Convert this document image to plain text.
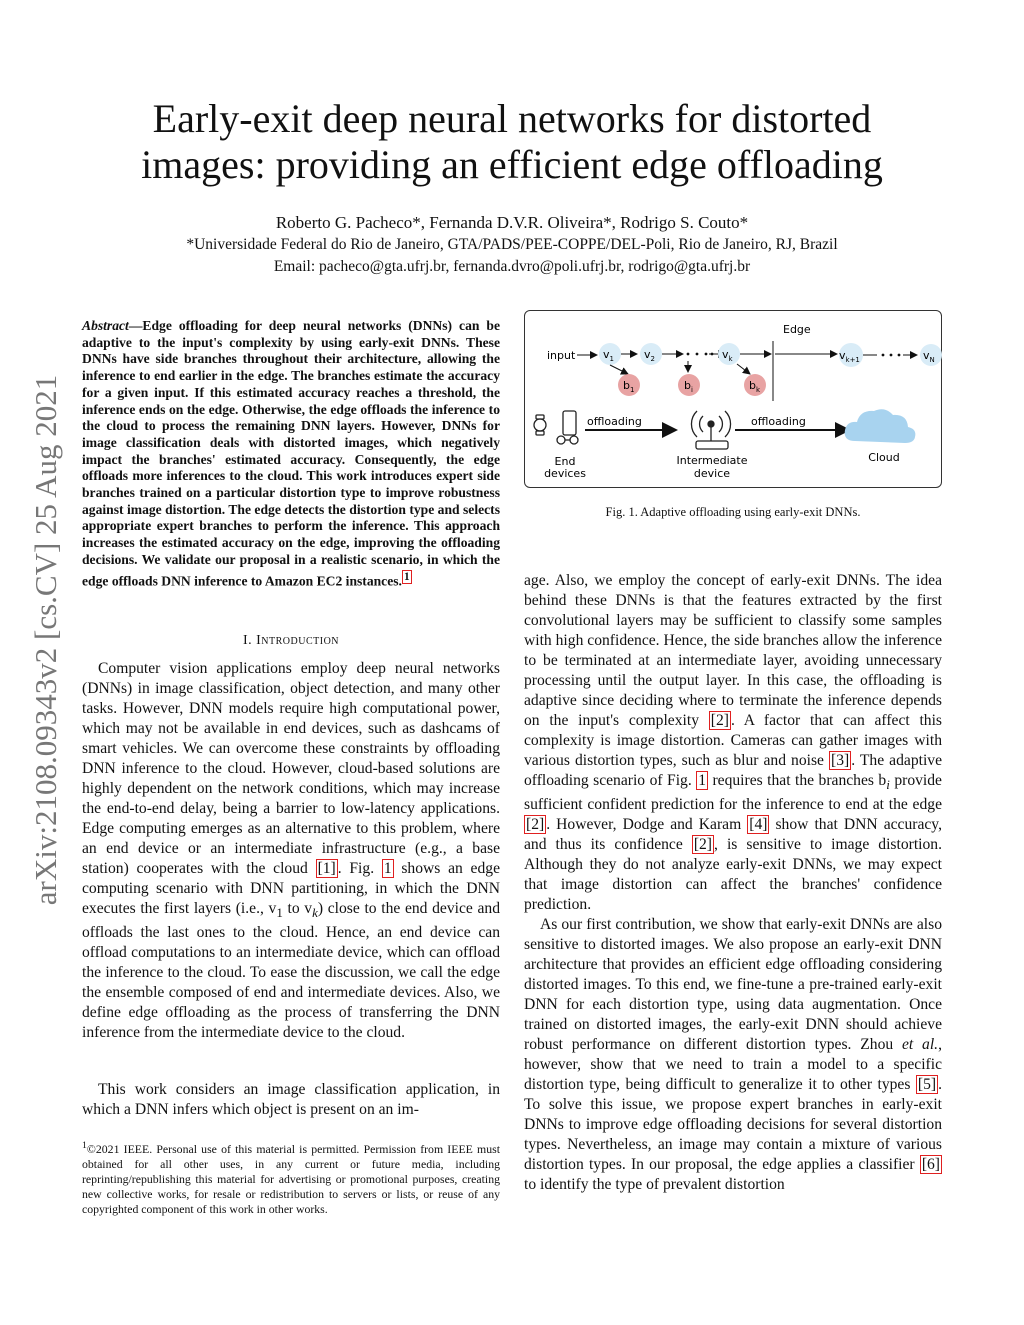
arXiv:2108.09343v2 [cs.CV] 25 Aug 2021
Early-exit deep neural networks for distorted
images: providing an efficient edge offloading
Roberto G. Pacheco*, Fernanda D.V.R. Oliveira*, Rodrigo S. Couto*
*Universidade Federal do Rio de Janeiro, GTA/PADS/PEE-COPPE/DEL-Poli, Rio de Janeiro, RJ, Brazil
Email: pacheco@gta.ufrj.br, fernanda.dvro@poli.ufrj.br, rodrigo@gta.ufrj.br
Abstract—Edge offloading for deep neural networks (DNNs) can be adaptive to the input's complexity by using early-exit DNNs. These DNNs have side branches throughout their architecture, allowing the inference to end earlier in the edge. The branches estimate the accuracy for a given input. If this estimated accuracy reaches a threshold, the inference ends on the edge. Otherwise, the edge offloads the inference to the cloud to process the remaining DNN layers. However, DNNs for image classification deals with distorted images, which negatively impact the branches' estimated accuracy. Consequently, the edge offloads more inferences to the cloud. This work introduces expert side branches trained on a particular distortion type to improve robustness against image distortion. The edge detects the distortion type and selects appropriate expert branches to perform the inference. This approach increases the estimated accuracy on the edge, improving the offloading decisions. We validate our proposal in a realistic scenario, in which the edge offloads DNN inference to Amazon EC2 instances. $^1$
I. Introduction
Computer vision applications employ deep neural networks (DNNs) in image classification, object detection, and many other tasks. However, DNN models require high computational power, which may not be available in end devices, such as dashcams of smart vehicles. We can overcome these constraints by offloading DNN inference to the cloud. However, cloud-based solutions are highly dependent on the network conditions, which may increase the end-to-end delay, being a barrier to low-latency applications. Edge computing emerges as an alternative to this problem, where an end device or an intermediate infrastructure (e.g., a base station) cooperates with the cloud [1] . Fig. 1 shows an edge computing scenario with DNN partitioning, in which the DNN executes the first layers (i.e., $v_1$ to $v_k$) close to the end device and offloads the last ones to the cloud. Hence, an end device can offload computations to an intermediate device, which can offload the inference to the cloud. To ease the discussion, we call the edge the ensemble composed of end and intermediate devices. Also, we define edge offloading as the process of transferring the DNN inference from the intermediate device to the cloud.
This work considers an image classification application, in which a DNN infers which object is present on an im-
$^1$©2021 IEEE. Personal use of this material is permitted. Permission from IEEE must obtained for all other uses, in any current or future media, including reprinting/republishing this material for advertising or promotional purposes, creating new collective works, for resale or redistribution to servers or lists, or reuse of any copyrighted component of this work in other works.
Edge
input	$v_1$	$v_2$	$v_k$	$v_{k+1}$	$v_N$
$b_1$	$b_i$	$b_k$
offloading	offloading
End
devices
Intermediate
device
Cloud
Fig. 1. Adaptive offloading using early-exit DNNs.
age. Also, we employ the concept of early-exit DNNs. The idea behind these DNNs is that the features extracted by the first convolutional layers may be sufficient to classify some samples with high confidence. Hence, the side branches allow the inference to be terminated at an intermediate layer, avoiding unnecessary processing until the output layer. In this case, the offloading is adaptive since deciding where to terminate the inference depends on the input's complexity [2] . A factor that can affect this complexity is image distortion. Cameras can gather images with various distortion types, such as blur and noise [3] . The adaptive offloading scenario of Fig. 1 requires that the branches $b_i$ provide sufficient confident prediction for the inference to end at the edge [2] . However, Dodge and Karam [4] show that DNN accuracy, and thus its confidence [2] , is sensitive to image distortion. Although they do not analyze early-exit DNNs, we may expect that image distortion can affect the branches' confidence prediction.
As our first contribution, we show that early-exit DNNs are also sensitive to distorted images. We also propose an early-exit DNN architecture that provides an efficient edge offloading considering distorted images. To this end, we fine-tune a pre-trained early-exit DNN for each distortion type, using data augmentation. Once trained on distorted images, the early-exit DNN should achieve robust performance on different distortion types. Zhou et al., however, show that we need to train a model to a specific distortion type, being difficult to generalize it to other types [5] . To solve this issue, we propose expert branches in early-exit DNNs to improve edge offloading decisions for several distortion types. Nevertheless, an image may contain a mixture of various distortion types. In our proposal, the edge applies a classifier [6] to identify the type of prevalent distortion
